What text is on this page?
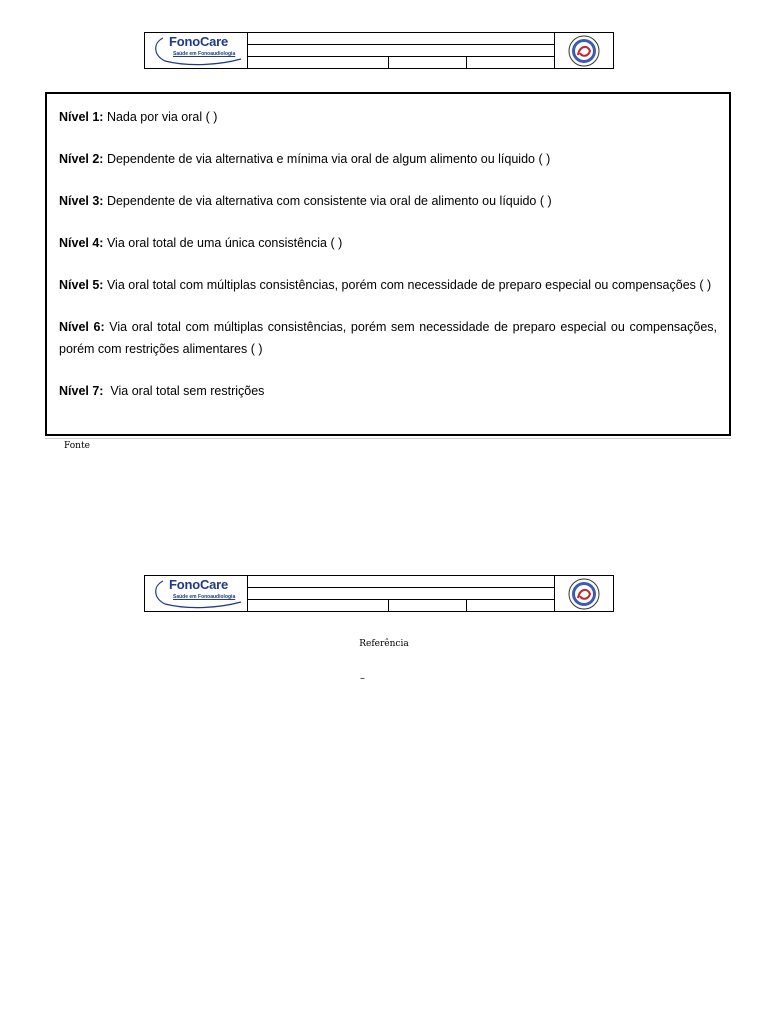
FonoCare
Saúde em Fonoaudiologia

Nível 1: Nada por via oral ( )

Nível 2: Dependente de via alternativa e mínima via oral de algum alimento ou líquido ( )

Nível 3: Dependente de via alternativa com consistente via oral de alimento ou líquido ( )

Nível 4: Via oral total de uma única consistência ( )

Nível 5: Via oral total com múltiplas consistências, porém com necessidade de preparo especial ou compensações ( )

Nível 6: Via oral total com múltiplas consistências, porém sem necessidade de preparo especial ou compensações, porém com restrições alimentares ( )

Nível 7:  Via oral total sem restrições

Fonte
FonoCare
Saúde em Fonoaudiologia
Referência
–
